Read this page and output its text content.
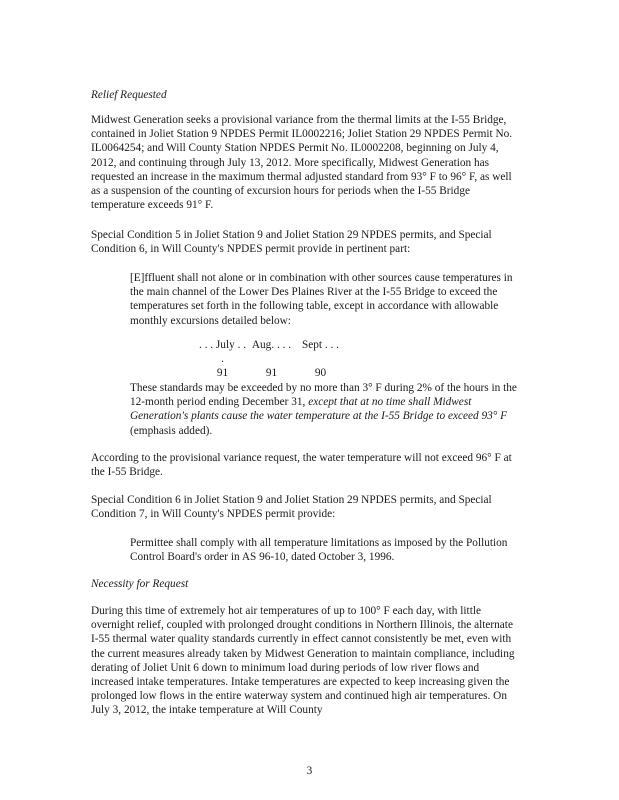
Relief Requested

Midwest Generation seeks a provisional variance from the thermal limits at the I-55 Bridge, contained in Joliet Station 9 NPDES Permit IL0002216; Joliet Station 29 NPDES Permit No. IL0064254; and Will County Station NPDES Permit No. IL0002208, beginning on July 4, 2012, and continuing through July 13, 2012. More specifically, Midwest Generation has requested an increase in the maximum thermal adjusted standard from 93° F to 96° F, as well as a suspension of the counting of excursion hours for periods when the I-55 Bridge temperature exceeds 91° F.

Special Condition 5 in Joliet Station 9 and Joliet Station 29 NPDES permits, and Special Condition 6, in Will County's NPDES permit provide in pertinent part:

[E]ffluent shall not alone or in combination with other sources cause temperatures in the main channel of the Lower Des Plaines River at the I-55 Bridge to exceed the temperatures set forth in the following table, except in accordance with allowable monthly excursions detailed below:

. . . July . . .
Aug. . . . Sept . . .
91	91	90

These standards may be exceeded by no more than 3° F during 2% of the hours in the 12-month period ending December 31, except that at no time shall Midwest Generation's plants cause the water temperature at the I-55 Bridge to exceed 93° F (emphasis added).

According to the provisional variance request, the water temperature will not exceed 96° F at the I-55 Bridge.

Special Condition 6 in Joliet Station 9 and Joliet Station 29 NPDES permits, and Special Condition 7, in Will County's NPDES permit provide:

Permittee shall comply with all temperature limitations as imposed by the Pollution Control Board's order in AS 96-10, dated October 3, 1996.

Necessity for Request

During this time of extremely hot air temperatures of up to 100° F each day, with little overnight relief, coupled with prolonged drought conditions in Northern Illinois, the alternate I-55 thermal water quality standards currently in effect cannot consistently be met, even with the current measures already taken by Midwest Generation to maintain compliance, including derating of Joliet Unit 6 down to minimum load during periods of low river flows and increased intake temperatures. Intake temperatures are expected to keep increasing given the prolonged low flows in the entire waterway system and continued high air temperatures. On July 3, 2012, the intake temperature at Will County

3
